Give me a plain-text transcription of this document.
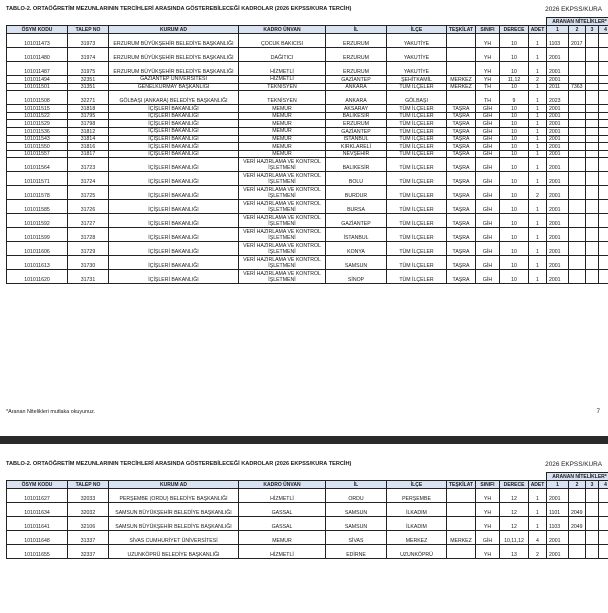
TABLO-2. ORTAÖĞRETİM MEZUNLARININ TERCİHLERİ ARASINDA GÖSTEREBİLECEĞİ KADROLAR (2026 EKPSS/KURA TERCİH)	2026 EKPSS/KURA
										ARANAN NİTELİKLER*			
ÖSYM KODU	TALEP NO	KURUM AD	KADRO ÜNVAN	İL	İLÇE	TEŞKİLAT	SINIFI	DERECE	ADET	1	2	3	4
101011473	31973	ERZURUM BÜYÜKŞEHİR BELEDİYE BAŞKANLIĞI	ÇOCUK BAKICISI	ERZURUM	YAKUTİYE		YH	10	1	1103	2017		
101011480	31974	ERZURUM BÜYÜKŞEHİR BELEDİYE BAŞKANLIĞI	DAĞITICI	ERZURUM	YAKUTİYE		YH	10	1	2001			
101011487	31975	ERZURUM BÜYÜKŞEHİR BELEDİYE BAŞKANLIĞI	HİZMETLİ	ERZURUM	YAKUTİYE		YH	10	1	2001			
101011494	32351	GAZİANTEP ÜNİVERSİTESİ	HİZMETLİ	GAZİANTEP	ŞEHİTKAMİL	MERKEZ	YH	11,12	2	2001			
101011501	31351	GENELKURMAY BAŞKANLIĞI	TEKNİSYEN	ANKARA	TÜM İLÇELER	MERKEZ	TH	10	1	2011	7363		
101011508	32271	GÖLBAŞI (ANKARA) BELEDİYE BAŞKANLIĞI	TEKNİSYEN	ANKARA	GÖLBAŞI		TH	9	1	2023			
101011515	31818	İÇİŞLERİ BAKANLIĞI	MEMUR	AKSARAY	TÜM İLÇELER	TAŞRA	GİH	10	1	2001			
101011522	31795	İÇİŞLERİ BAKANLIĞI	MEMUR	BALIKESİR	TÜM İLÇELER	TAŞRA	GİH	10	1	2001			
101011529	31798	İÇİŞLERİ BAKANLIĞI	MEMUR	ERZURUM	TÜM İLÇELER	TAŞRA	GİH	10	1	2001			
101011536	31812	İÇİŞLERİ BAKANLIĞI	MEMUR	GAZİANTEP	TÜM İLÇELER	TAŞRA	GİH	10	1	2001			
101011543	31814	İÇİŞLERİ BAKANLIĞI	MEMUR	İSTANBUL	TÜM İLÇELER	TAŞRA	GİH	10	1	2001			
101011550	31816	İÇİŞLERİ BAKANLIĞI	MEMUR	KIRKLARELİ	TÜM İLÇELER	TAŞRA	GİH	10	1	2001			
101011557	31817	İÇİŞLERİ BAKANLIĞI	MEMUR	NEVŞEHİR	TÜM İLÇELER	TAŞRA	GİH	10	1	2001			
101011564	31723	İÇİŞLERİ BAKANLIĞI	VERİ HAZIRLAMA VE KONTROL İŞLETMENİ	BALIKESİR	TÜM İLÇELER	TAŞRA	GİH	10	1	2001			
101011571	31724	İÇİŞLERİ BAKANLIĞI	VERİ HAZIRLAMA VE KONTROL İŞLETMENİ	BOLU	TÜM İLÇELER	TAŞRA	GİH	10	1	2001			
101011578	31725	İÇİŞLERİ BAKANLIĞI	VERİ HAZIRLAMA VE KONTROL İŞLETMENİ	BURDUR	TÜM İLÇELER	TAŞRA	GİH	10	2	2001			
101011585	31726	İÇİŞLERİ BAKANLIĞI	VERİ HAZIRLAMA VE KONTROL İŞLETMENİ	BURSA	TÜM İLÇELER	TAŞRA	GİH	10	1	2001			
101011592	31727	İÇİŞLERİ BAKANLIĞI	VERİ HAZIRLAMA VE KONTROL İŞLETMENİ	GAZİANTEP	TÜM İLÇELER	TAŞRA	GİH	10	1	2001			
101011599	31728	İÇİŞLERİ BAKANLIĞI	VERİ HAZIRLAMA VE KONTROL İŞLETMENİ	İSTANBUL	TÜM İLÇELER	TAŞRA	GİH	10	1	2001			
101011606	31729	İÇİŞLERİ BAKANLIĞI	VERİ HAZIRLAMA VE KONTROL İŞLETMENİ	KONYA	TÜM İLÇELER	TAŞRA	GİH	10	1	2001			
101011613	31730	İÇİŞLERİ BAKANLIĞI	VERİ HAZIRLAMA VE KONTROL İŞLETMENİ	SAMSUN	TÜM İLÇELER	TAŞRA	GİH	10	1	2001			
101011620	31731	İÇİŞLERİ BAKANLIĞI	VERİ HAZIRLAMA VE KONTROL İŞLETMENİ	SİNOP	TÜM İLÇELER	TAŞRA	GİH	10	1	2001			
*Aranan Nitelikleri mutlaka okuyunuz.	7
TABLO-2. ORTAÖĞRETİM MEZUNLARININ TERCİHLERİ ARASINDA GÖSTEREBİLECEĞİ KADROLAR (2026 EKPSS/KURA TERCİH)	2026 EKPSS/KURA
										ARANAN NİTELİKLER*			
ÖSYM KODU	TALEP NO	KURUM AD	KADRO ÜNVAN	İL	İLÇE	TEŞKİLAT	SINIFI	DERECE	ADET	1	2	3	4
101011627	32033	PERŞEMBE (ORDU) BELEDİYE BAŞKANLIĞI	HİZMETLİ	ORDU	PERŞEMBE		YH	12	1	2001			
101011634	32032	SAMSUN BÜYÜKŞEHİR BELEDİYE BAŞKANLIĞI	GASSAL	SAMSUN	İLKADIM		YH	12	1	1101	2049		
101011641	32106	SAMSUN BÜYÜKŞEHİR BELEDİYE BAŞKANLIĞI	GASSAL	SAMSUN	İLKADIM		YH	12	1	1103	2049		
101011648	31337	SİVAS CUMHURİYET ÜNİVERSİTESİ	MEMUR	SİVAS	MERKEZ	MERKEZ	GİH	10,11,12	4	2001			
101011655	32337	UZUNKÖPRÜ BELEDİYE BAŞKANLIĞI	HİZMETLİ	EDİRNE	UZUNKÖPRÜ		YH	13	2	2001			
